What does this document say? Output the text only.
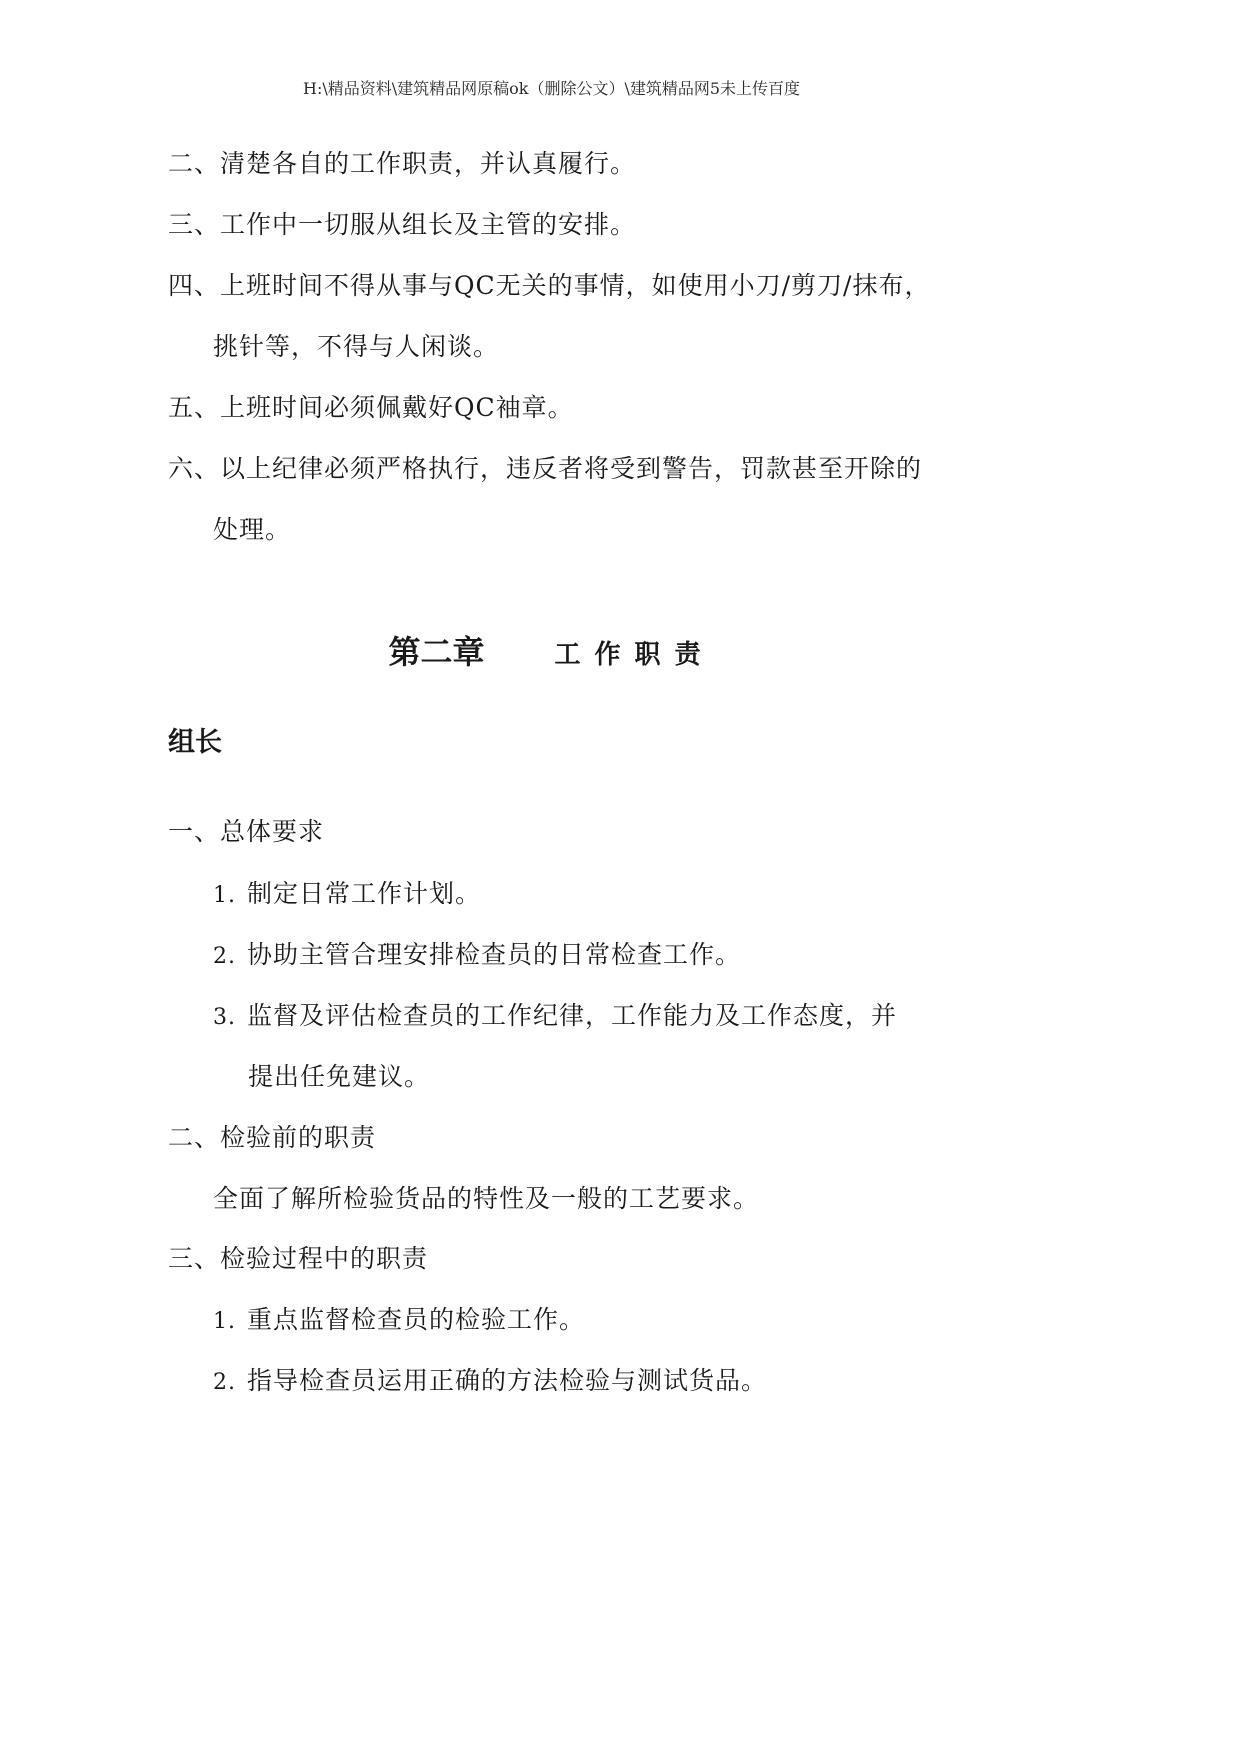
H:\精品资料\建筑精品网原稿ok（删除公文）\建筑精品网5未上传百度
二、清楚各自的工作职责，并认真履行。
三、工作中一切服从组长及主管的安排。
四、上班时间不得从事与QC无关的事情，如使用小刀/剪刀/抹布，
挑针等，不得与人闲谈。
五、上班时间必须佩戴好QC袖章。
六、以上纪律必须严格执行，违反者将受到警告，罚款甚至开除的
处理。
第二章	工作职责
组长
一、总体要求
1. 制定日常工作计划。
2. 协助主管合理安排检查员的日常检查工作。
3. 监督及评估检查员的工作纪律，工作能力及工作态度，并
提出任免建议。
二、检验前的职责
全面了解所检验货品的特性及一般的工艺要求。
三、检验过程中的职责
1. 重点监督检查员的检验工作。
2. 指导检查员运用正确的方法检验与测试货品。
